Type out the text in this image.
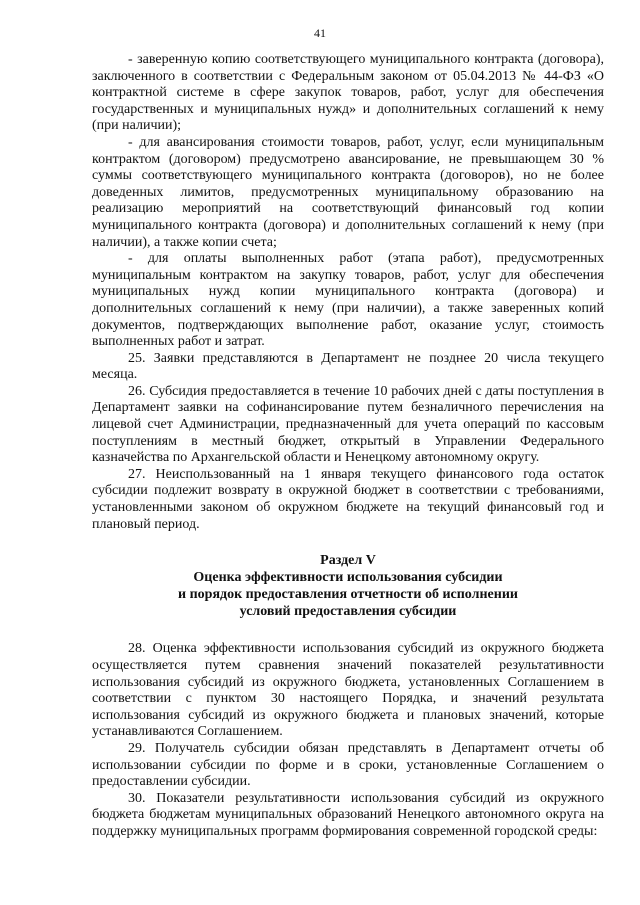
41

- заверенную копию соответствующего муниципального контракта (договора), заключенного в соответствии с Федеральным законом от 05.04.2013 № 44-ФЗ «О контрактной системе в сфере закупок товаров, работ, услуг для обеспечения государственных и муниципальных нужд» и дополнительных соглашений к нему (при наличии);

- для авансирования стоимости товаров, работ, услуг, если муниципальным контрактом (договором) предусмотрено авансирование, не превышающем 30 % суммы соответствующего муниципального контракта (договоров), но не более доведенных лимитов, предусмотренных муниципальному образованию на реализацию мероприятий на соответствующий финансовый год копии муниципального контракта (договора) и дополнительных соглашений к нему (при наличии), а также копии счета;

- для оплаты выполненных работ (этапа работ), предусмотренных муниципальным контрактом на закупку товаров, работ, услуг для обеспечения муниципальных нужд копии муниципального контракта (договора) и дополнительных соглашений к нему (при наличии), а также заверенных копий документов, подтверждающих выполнение работ, оказание услуг, стоимость выполненных работ и затрат.

25. Заявки представляются в Департамент не позднее 20 числа текущего месяца.

26. Субсидия предоставляется в течение 10 рабочих дней с даты поступления в Департамент заявки на софинансирование путем безналичного перечисления на лицевой счет Администрации, предназначенный для учета операций по кассовым поступлениям в местный бюджет, открытый в Управлении Федерального казначейства по Архангельской области и Ненецкому автономному округу.

27. Неиспользованный на 1 января текущего финансового года остаток субсидии подлежит возврату в окружной бюджет в соответствии с требованиями, установленными законом об окружном бюджете на текущий финансовый год и плановый период.

Раздел V
Оценка эффективности использования субсидии
и порядок предоставления отчетности об исполнении
условий предоставления субсидии

28. Оценка эффективности использования субсидий из окружного бюджета осуществляется путем сравнения значений показателей результативности использования субсидий из окружного бюджета, установленных Соглашением в соответствии с пунктом 30 настоящего Порядка, и значений результата использования субсидий из окружного бюджета и плановых значений, которые устанавливаются Соглашением.

29. Получатель субсидии обязан представлять в Департамент отчеты об использовании субсидии по форме и в сроки, установленные Соглашением о предоставлении субсидии.

30. Показатели результативности использования субсидий из окружного бюджета бюджетам муниципальных образований Ненецкого автономного округа на поддержку муниципальных программ формирования современной городской среды:
